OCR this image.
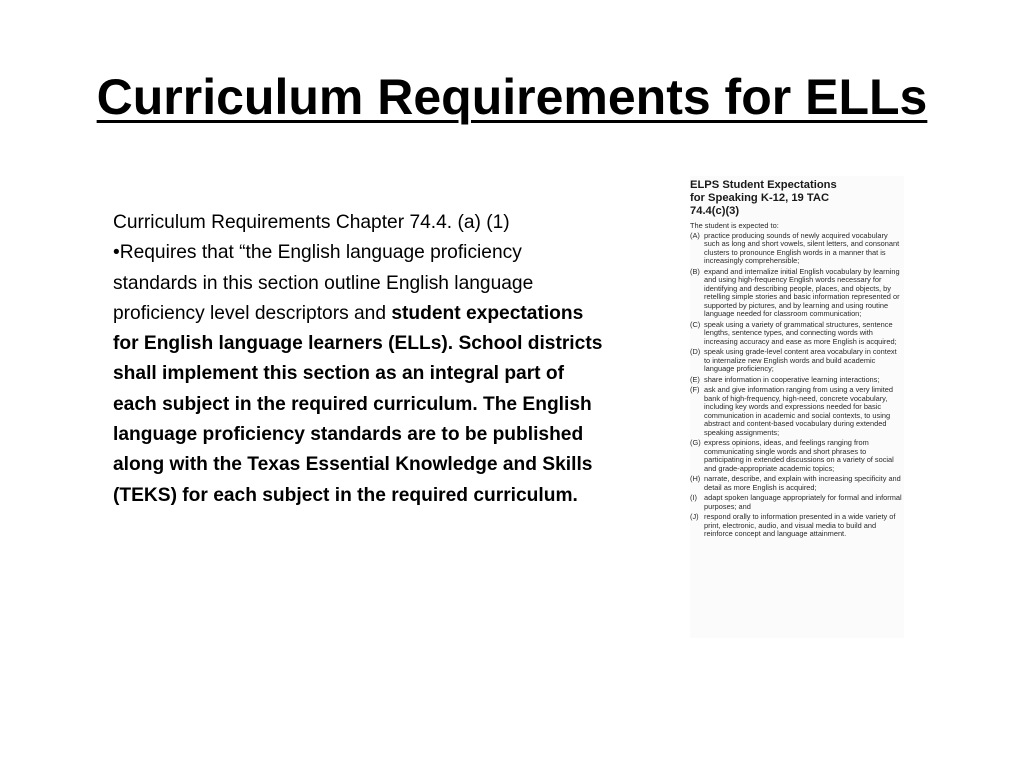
Curriculum Requirements for ELLs

Curriculum Requirements Chapter 74.4. (a) (1)

•Requires that “the English language proficiency standards in this section outline English language proficiency level descriptors and student expectations for English language learners (ELLs). School districts shall implement this section as an integral part of each subject in the required curriculum. The English language proficiency standards are to be published along with the Texas Essential Knowledge and Skills (TEKS) for each subject in the required curriculum.

ELPS Student Expectations
for Speaking K-12, 19 TAC
74.4(c)(3)
The student is expected to:
(A) practice producing sounds of newly acquired vocabulary such as long and short vowels, silent letters, and consonant clusters to pronounce English words in a manner that is increasingly comprehensible;
(B) expand and internalize initial English vocabulary by learning and using high-frequency English words necessary for identifying and describing people, places, and objects, by retelling simple stories and basic information represented or supported by pictures, and by learning and using routine language needed for classroom communication;
(C) speak using a variety of grammatical structures, sentence lengths, sentence types, and connecting words with increasing accuracy and ease as more English is acquired;
(D) speak using grade-level content area vocabulary in context to internalize new English words and build academic language proficiency;
(E) share information in cooperative learning interactions;
(F) ask and give information ranging from using a very limited bank of high-frequency, high-need, concrete vocabulary, including key words and expressions needed for basic communication in academic and social contexts, to using abstract and content-based vocabulary during extended speaking assignments;
(G) express opinions, ideas, and feelings ranging from communicating single words and short phrases to participating in extended discussions on a variety of social and grade-appropriate academic topics;
(H) narrate, describe, and explain with increasing specificity and detail as more English is acquired;
(I) adapt spoken language appropriately for formal and informal purposes; and
(J) respond orally to information presented in a wide variety of print, electronic, audio, and visual media to build and reinforce concept and language attainment.
